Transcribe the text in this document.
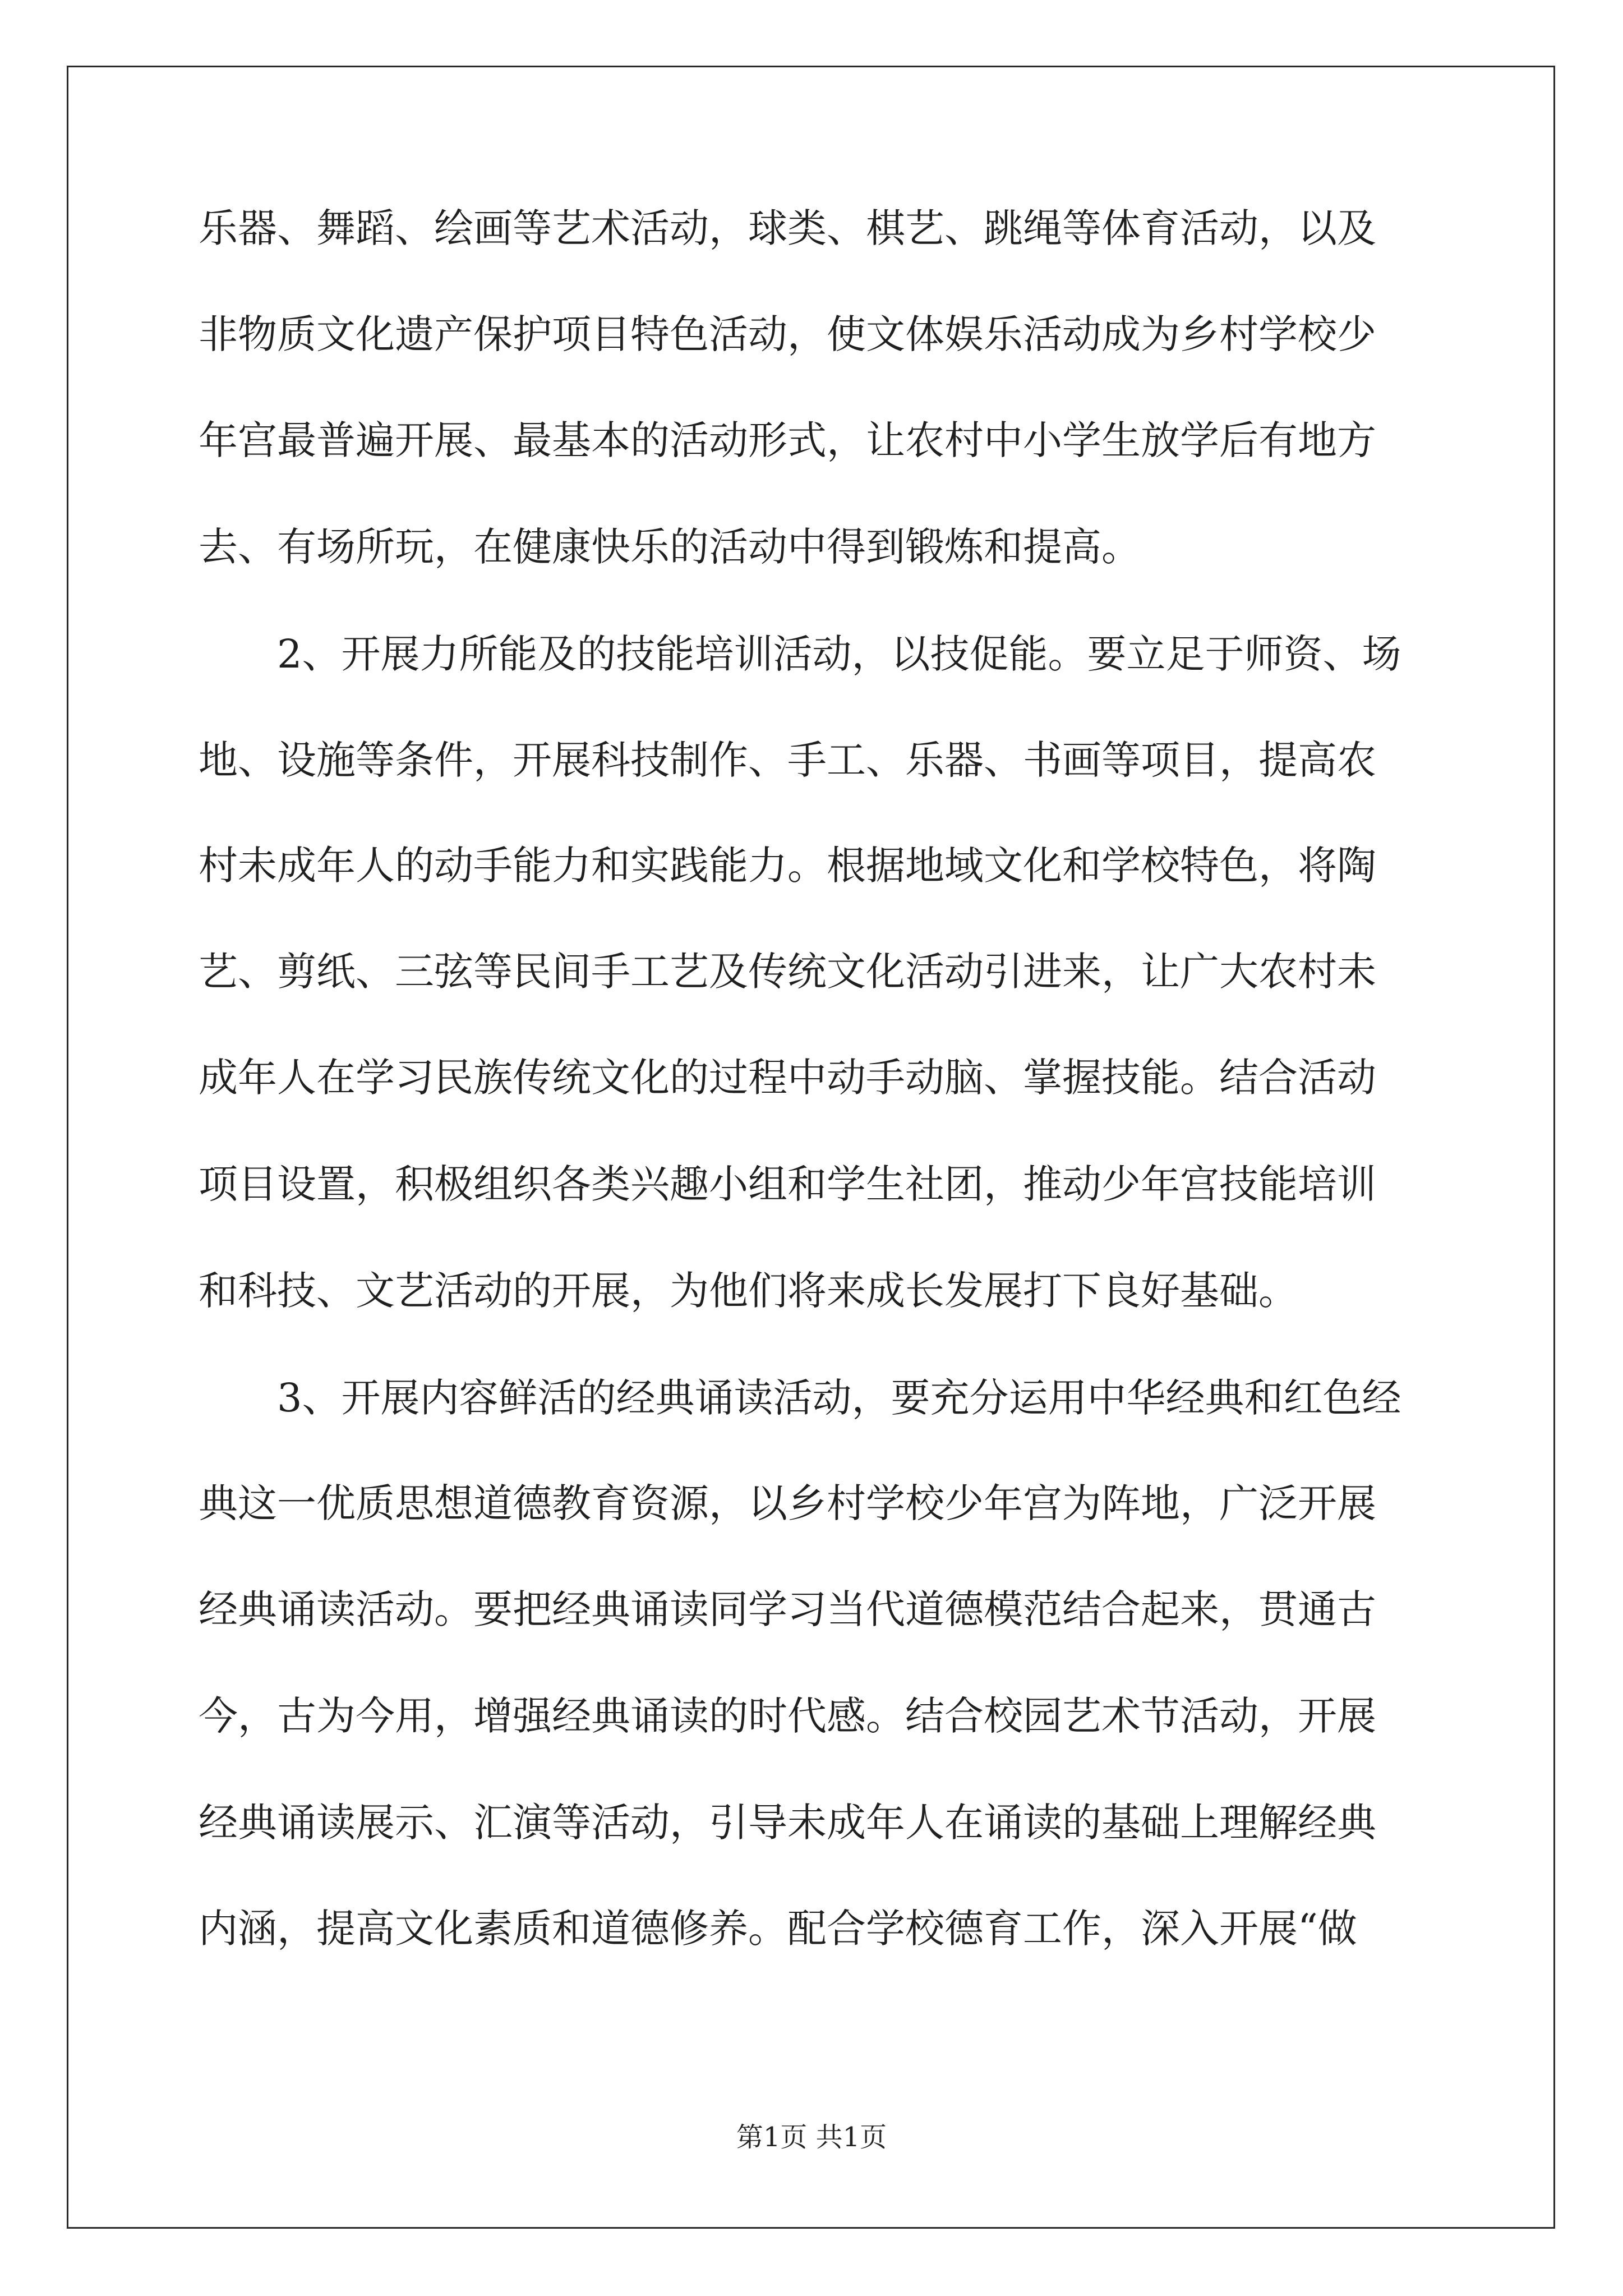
乐器、舞蹈、绘画等艺术活动，球类、棋艺、跳绳等体育活动，以及
非物质文化遗产保护项目特色活动，使文体娱乐活动成为乡村学校少
年宫最普遍开展、最基本的活动形式，让农村中小学生放学后有地方
去、有场所玩，在健康快乐的活动中得到锻炼和提高。
2、开展力所能及的技能培训活动，以技促能。要立足于师资、场
地、设施等条件，开展科技制作、手工、乐器、书画等项目，提高农
村未成年人的动手能力和实践能力。根据地域文化和学校特色，将陶
艺、剪纸、三弦等民间手工艺及传统文化活动引进来，让广大农村未
成年人在学习民族传统文化的过程中动手动脑、掌握技能。结合活动
项目设置，积极组织各类兴趣小组和学生社团，推动少年宫技能培训
和科技、文艺活动的开展，为他们将来成长发展打下良好基础。
3、开展内容鲜活的经典诵读活动，要充分运用中华经典和红色经
典这一优质思想道德教育资源，以乡村学校少年宫为阵地，广泛开展
经典诵读活动。要把经典诵读同学习当代道德模范结合起来，贯通古
今，古为今用，增强经典诵读的时代感。结合校园艺术节活动，开展
经典诵读展示、汇演等活动，引导未成年人在诵读的基础上理解经典
内涵，提高文化素质和道德修养。配合学校德育工作，深入开展“做
第1页 共1页
